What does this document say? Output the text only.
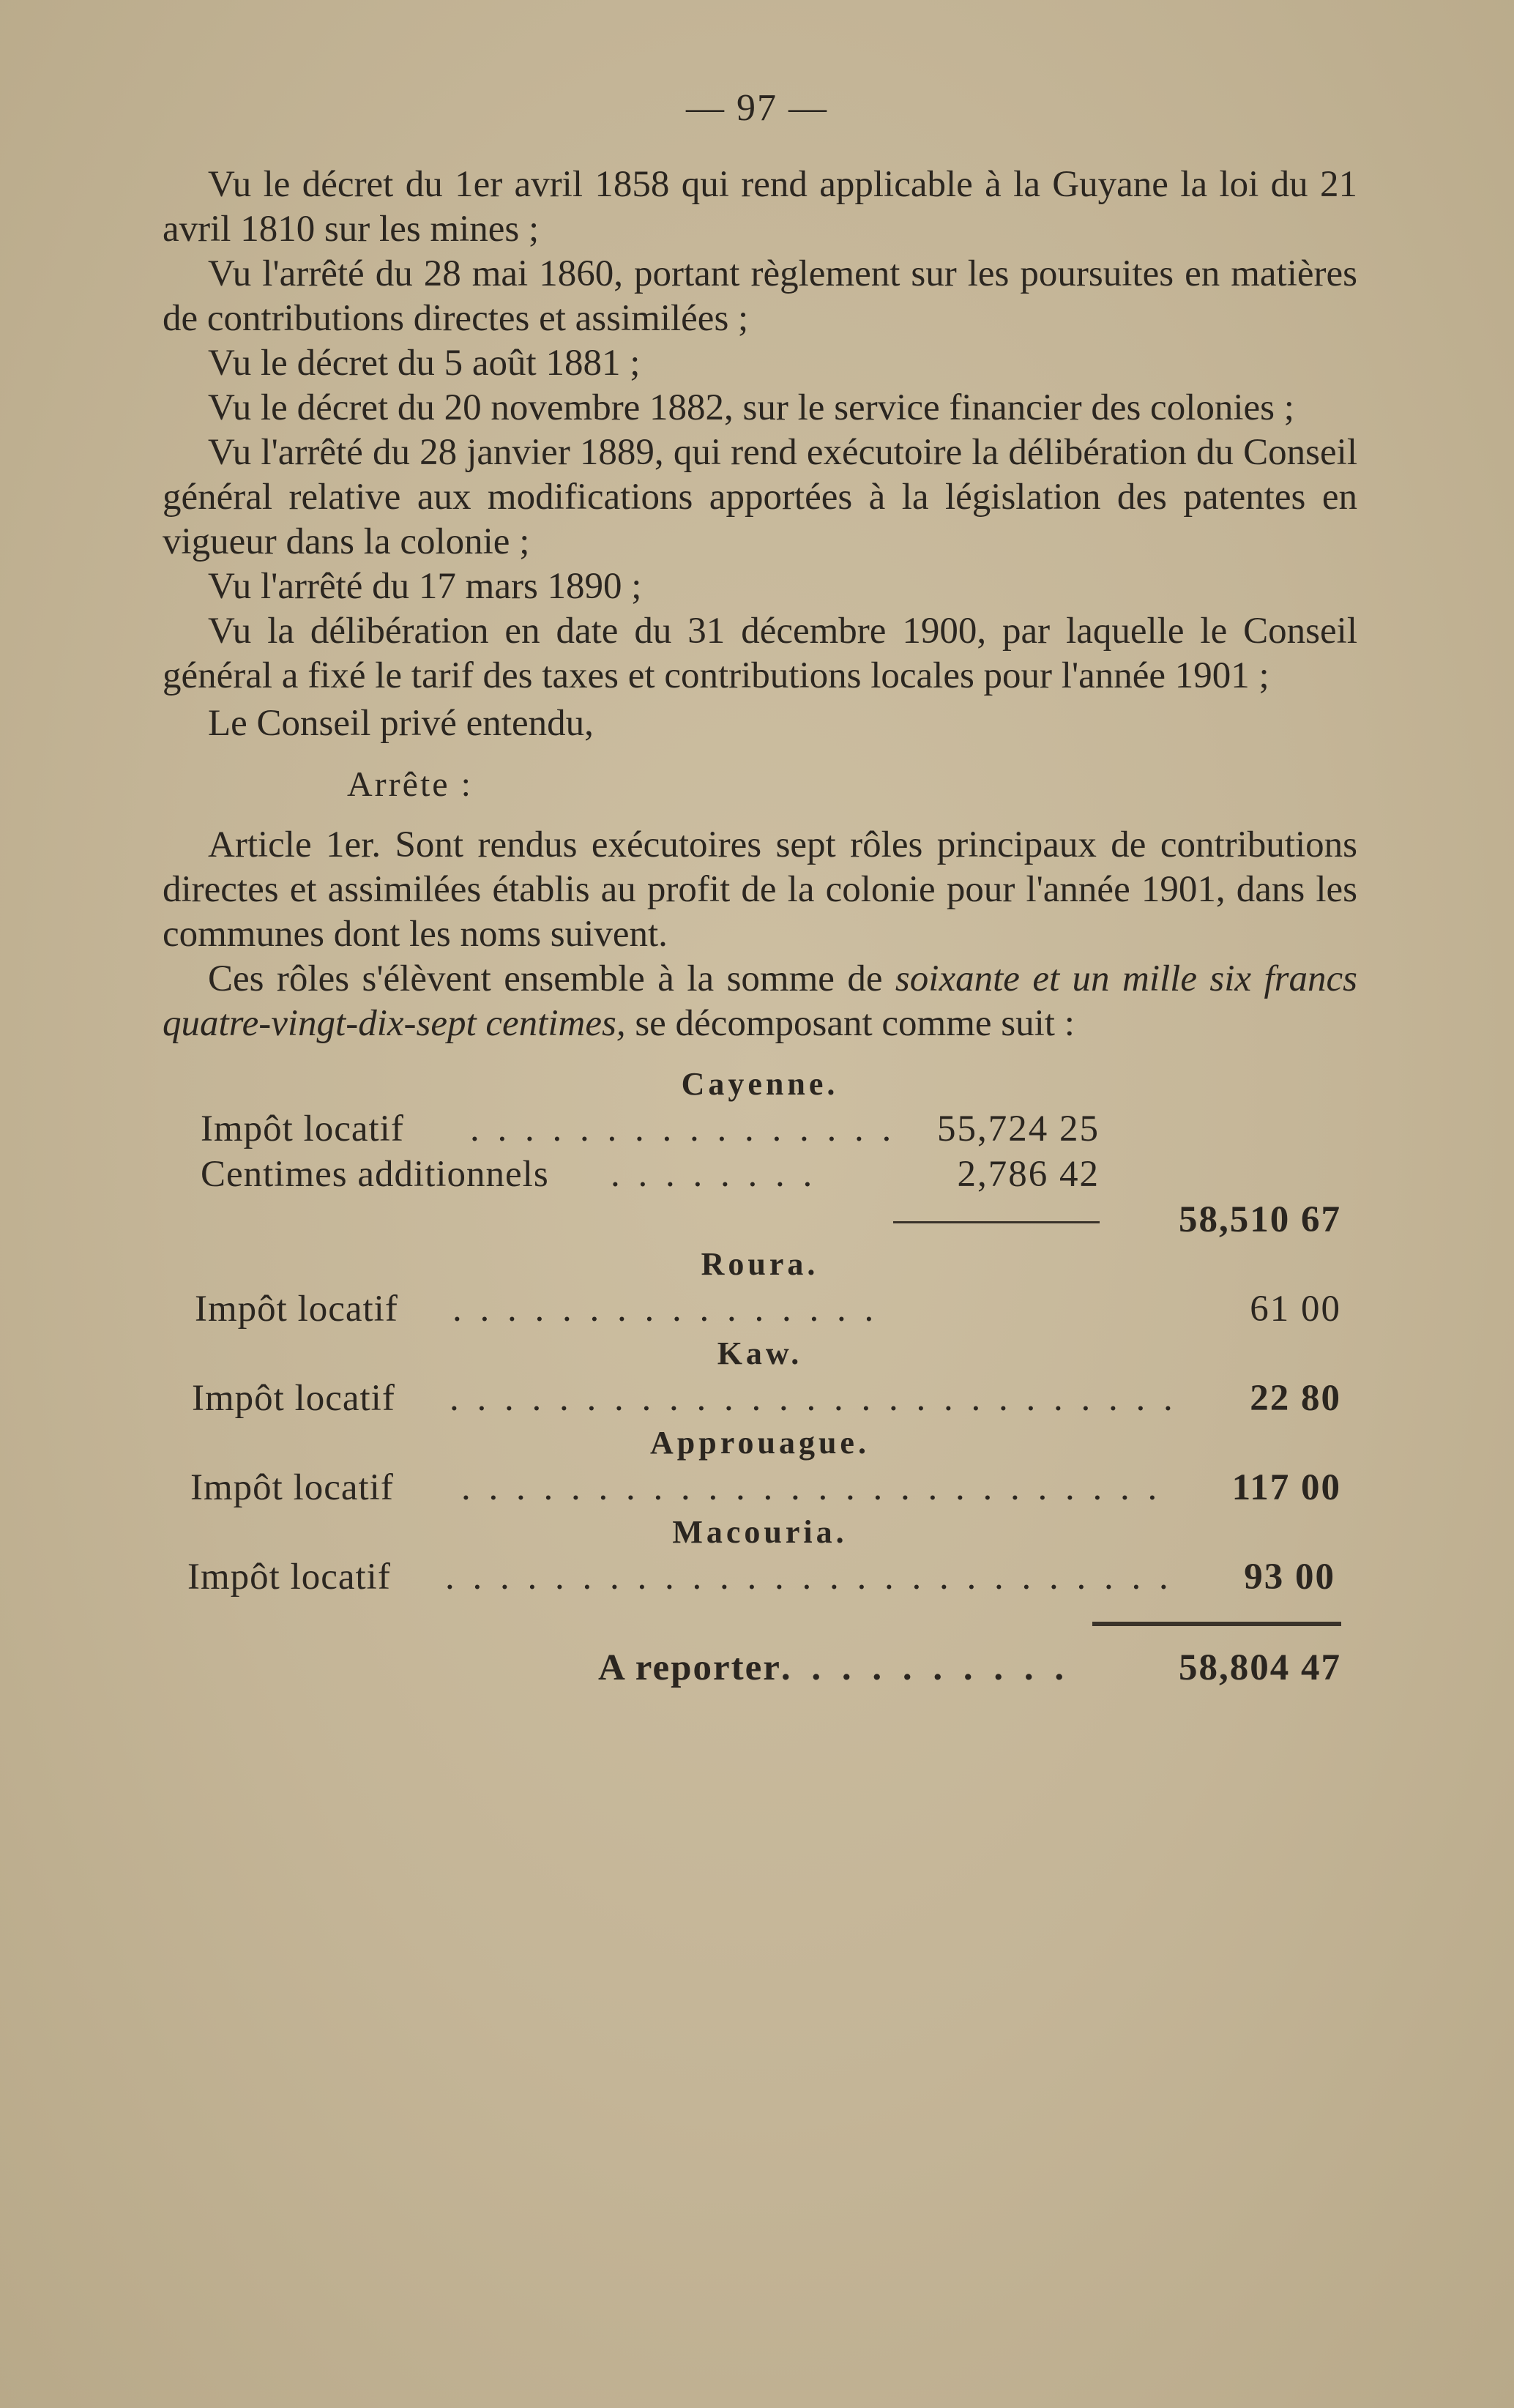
— 97 —

Vu le décret du 1er avril 1858 qui rend applicable à la Guyane la loi du 21 avril 1810 sur les mines ;

Vu l'arrêté du 28 mai 1860, portant règlement sur les poursuites en matières de contributions directes et assimilées ;

Vu le décret du 5 août 1881 ;

Vu le décret du 20 novembre 1882, sur le service financier des colonies ;

Vu l'arrêté du 28 janvier 1889, qui rend exécutoire la délibération du Conseil général relative aux modifications apportées à la législation des patentes en vigueur dans la colonie ;

Vu l'arrêté du 17 mars 1890 ;

Vu la délibération en date du 31 décembre 1900, par laquelle le Conseil général a fixé le tarif des taxes et contributions locales pour l'année 1901 ;

Le Conseil privé entendu,

Arrête :

Article 1er. Sont rendus exécutoires sept rôles principaux de contributions directes et assimilées établis au profit de la colonie pour l'année 1901, dans les communes dont les noms suivent.

Ces rôles s'élèvent ensemble à la somme de soixante et un mille six francs quatre-vingt-dix-sept centimes, se décomposant comme suit :

Cayenne.

Impôt locatif . . . . . . . . . . . . . . . . 55,724 25
Centimes additionnels . . . . . . . .	2,786 42
58,510 67

Roura.

Impôt locatif . . . . . . . . . . . . . . . .	61 00

Kaw.

Impôt locatif . . . . . . . . . . . . . . . . . . . . . . . . . . . 22 80

Approuague.

Impôt locatif . . . . . . . . . . . . . . . . . . . . . . . . . . 117 00

Macouria.

Impôt locatif . . . . . . . . . . . . . . . . . . . . . . . . . . . 93 00
A reporter. . . . . . . . . .	58,804 47
